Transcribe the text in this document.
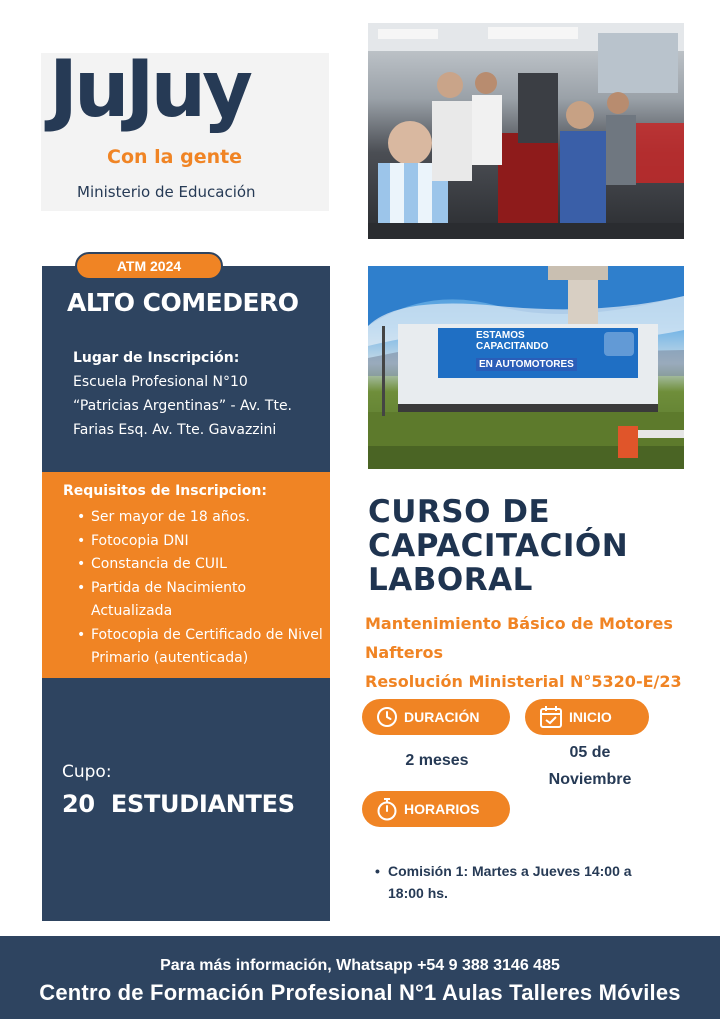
JuJuy
Con la gente
Ministerio de Educación
ESTAMOS
CAPACITANDO
EN AUTOMOTORES
ATM 2024
ALTO COMEDERO
Lugar de Inscripción:
Escuela Profesional N°10
“Patricias Argentinas” - Av. Tte.
Farias Esq. Av. Tte. Gavazzini
Requisitos de Inscripcion:
• Ser mayor de 18 años.
• Fotocopia DNI
• Constancia de CUIL
• Partida de Nacimiento Actualizada
• Fotocopia de Certificado de Nivel Primario (autenticada)
Cupo:
20  ESTUDIANTES
CURSO DE
CAPACITACIÓN
LABORAL
Mantenimiento Básico de Motores
Nafteros
Resolución Ministerial N°5320-E/23
DURACIÓN	INICIO
HORARIOS
2 meses	05 de
Noviembre
• Comisión 1: Martes a Jueves 14:00 a 18:00 hs.
Para más información, Whatsapp +54 9 388 3146 485
Centro de Formación Profesional N°1 Aulas Talleres Móviles
